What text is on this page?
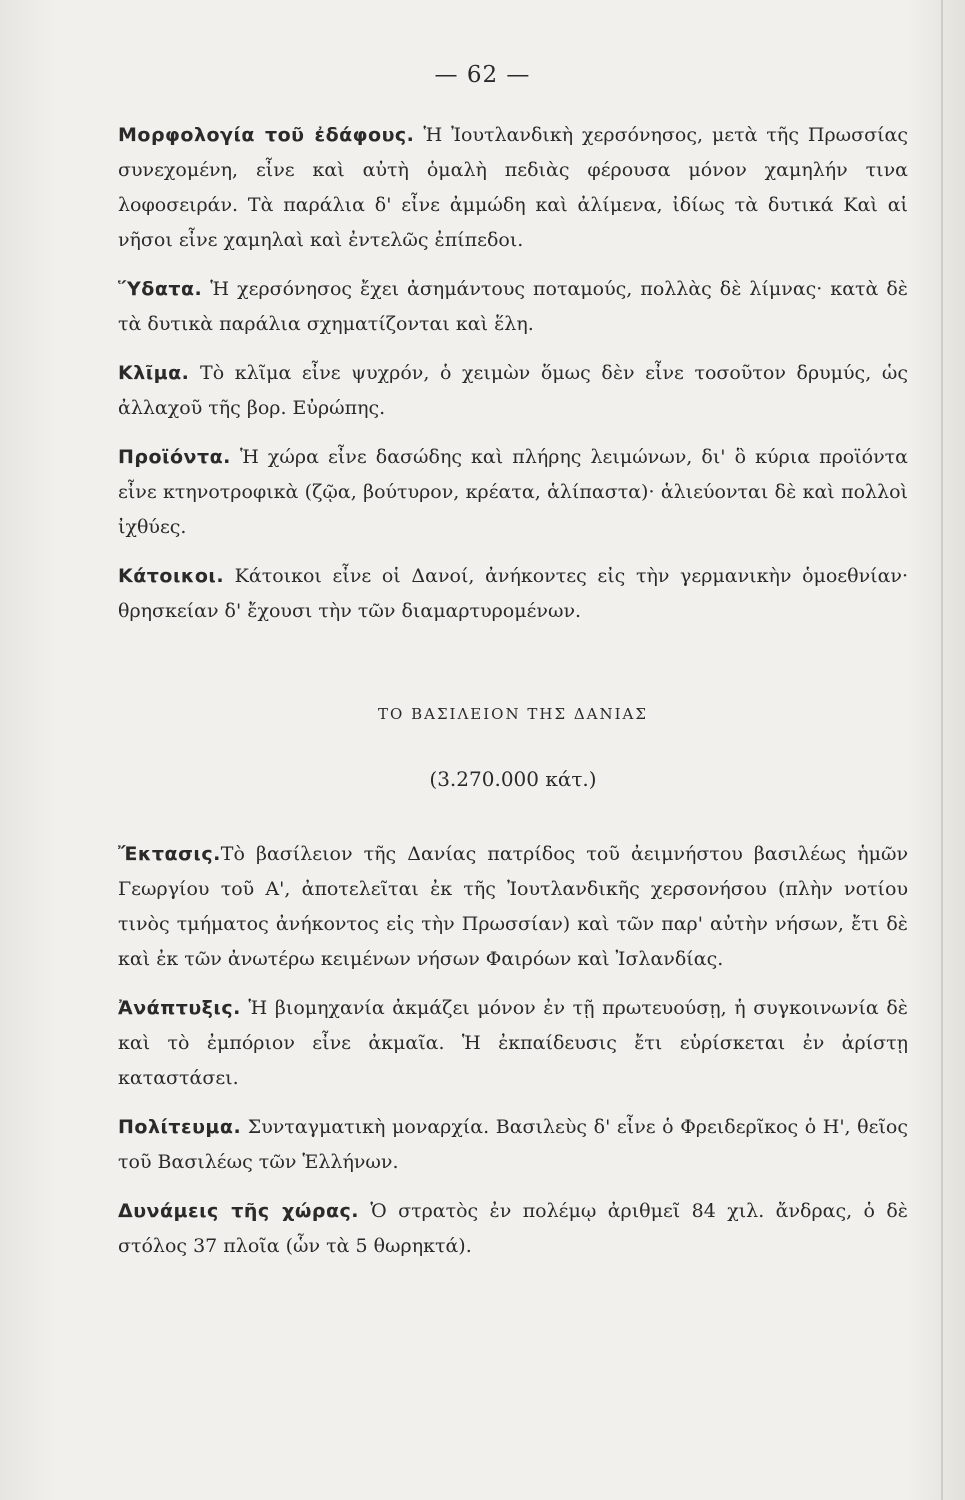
— 62 —

Μορφολογία τοῦ ἐδάφους. Ἡ Ἰουτλανδικὴ χερσόνησος, μετὰ τῆς Πρωσσίας συνεχομένη, εἶνε καὶ αὐτὴ ὁμαλὴ πεδιὰς φέρουσα μόνον χαμηλήν τινα λοφοσειράν. Τὰ παράλια δ' εἶνε ἀμμώδη καὶ ἀλίμενα, ἰδίως τὰ δυτικά Καὶ αἱ νῆσοι εἶνε χαμηλαὶ καὶ ἐντελῶς ἐπίπεδοι.

Ὕδατα. Ἡ χερσόνησος ἔχει ἀσημάντους ποταμούς, πολλὰς δὲ λίμνας· κατὰ δὲ τὰ δυτικὰ παράλια σχηματίζονται καὶ ἕλη.

Κλῖμα. Τὸ κλῖμα εἶνε ψυχρόν, ὁ χειμὼν ὅμως δὲν εἶνε τοσοῦτον δρυμύς, ὡς ἀλλαχοῦ τῆς βορ. Εὐρώπης.

Προϊόντα. Ἡ χώρα εἶνε δασώδης καὶ πλήρης λειμώνων, δι' ὃ κύρια προϊόντα εἶνε κτηνοτροφικὰ (ζῷα, βούτυρον, κρέατα, ἁλίπαστα)· ἁλιεύονται δὲ καὶ πολλοὶ ἰχθύες.

Κάτοικοι. Κάτοικοι εἶνε οἱ Δανοί, ἀνήκοντες εἰς τὴν γερμανικὴν ὁμοεθνίαν· θρησκείαν δ' ἔχουσι τὴν τῶν διαμαρτυρομένων.

ΤΟ ΒΑΣΙΛΕΙΟΝ ΤΗΣ ΔΑΝΙΑΣ

(3.270.000 κάτ.)

Ἔκτασις.Τὸ βασίλειον τῆς Δανίας πατρίδος τοῦ ἀειμνήστου βασιλέως ἡμῶν Γεωργίου τοῦ Α', ἀποτελεῖται ἐκ τῆς Ἰουτλανδικῆς χερσονήσου (πλὴν νοτίου τινὸς τμήματος ἀνήκοντος εἰς τὴν Πρωσσίαν) καὶ τῶν παρ' αὐτὴν νήσων, ἔτι δὲ καὶ ἐκ τῶν ἀνωτέρω κειμένων νήσων Φαιρόων καὶ Ἰσλανδίας.

Ἀνάπτυξις. Ἡ βιομηχανία ἀκμάζει μόνον ἐν τῇ πρωτευούσῃ, ἡ συγκοινωνία δὲ καὶ τὸ ἐμπόριον εἶνε ἀκμαῖα. Ἡ ἐκπαίδευσις ἔτι εὑρίσκεται ἐν ἀρίστῃ καταστάσει.

Πολίτευμα. Συνταγματικὴ μοναρχία. Βασιλεὺς δ' εἶνε ὁ Φρειδερῖκος ὁ Η', θεῖος τοῦ Βασιλέως τῶν Ἑλλήνων.

Δυνάμεις τῆς χώρας. Ὁ στρατὸς ἐν πολέμῳ ἀριθμεῖ 84 χιλ. ἄνδρας, ὁ δὲ στόλος 37 πλοῖα (ὧν τὰ 5 θωρηκτά).
